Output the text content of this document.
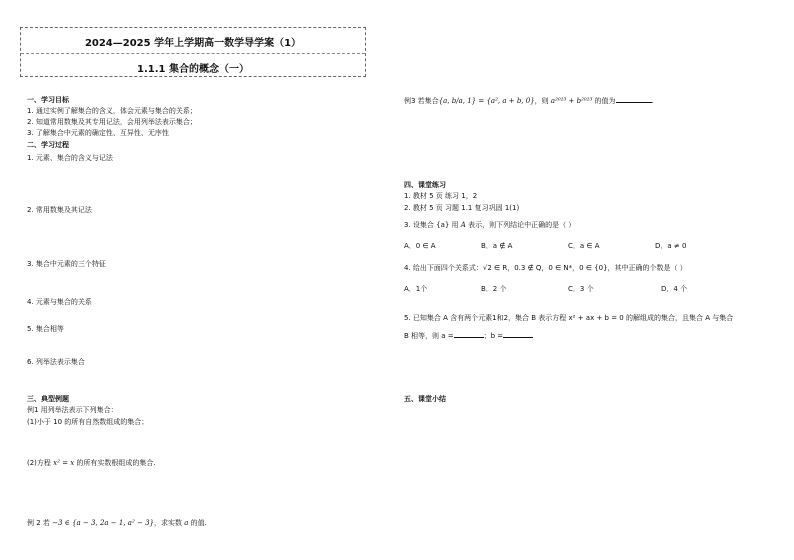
2024—2025 学年上学期高一数学导学案（1）
1.1.1 集合的概念（一）
一、学习目标
1. 通过实例了解集合的含义，体会元素与集合的关系；
2. 知道常用数集及其专用记法，会用列举法表示集合；
3. 了解集合中元素的确定性、互异性、无序性
二、学习过程
1. 元素、集合的含义与记法
2. 常用数集及其记法
3. 集合中元素的三个特征
4. 元素与集合的关系
5. 集合相等
6. 列举法表示集合
三、典型例题
例1 用列举法表示下列集合：
(1)小于 10 的所有自然数组成的集合；
(2)方程 x² = x 的所有实数根组成的集合.
例 2 若 −3 ∈ {a − 3, 2a − 1, a² − 3}，求实数 a 的值.
例3 若集合{a, b/a, 1} = {a², a + b, 0}，则 a²⁰²³ + b²⁰²³ 的值为	.
四、课堂练习
1. 教材 5 页 练习 1，2
2. 教材 5 页 习题 1.1 复习巩固 1(1)
3. 设集合 {a} 用 A 表示，则下列结论中正确的是（ ）
A．0 ∈ A	B．a ∉ A	C．a ∈ A	D．a ≠ 0
4. 给出下面四个关系式：√2 ∈ R，0.3 ∉ Q，0 ∈ N*，0 ∈ {0}，其中正确的个数是（ ）
A．1个	B．2 个	C．3 个	D．4 个
5. 已知集合 A 含有两个元素1和2，集合 B 表示方程 x² + ax + b = 0 的解组成的集合，且集合 A 与集合
B 相等，则 a =	；b =
五、课堂小结
